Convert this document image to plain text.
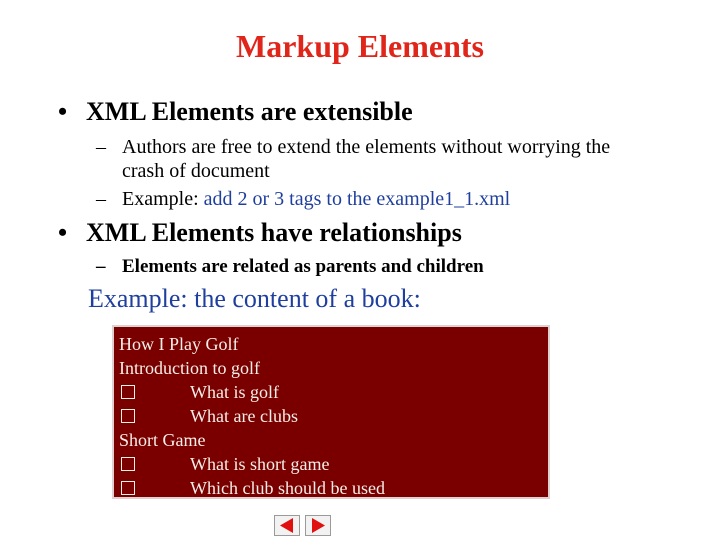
Markup Elements
• XML Elements are extensible
– Authors are free to extend the elements without worrying the
crash of document
– Example: add 2 or 3 tags to the example1_1.xml
• XML Elements have relationships
– Elements are related as parents and children
Example: the content of a book:
How I Play Golf
Introduction to golf
What is golf
What are clubs
Short Game
What is short game
Which club should be used
